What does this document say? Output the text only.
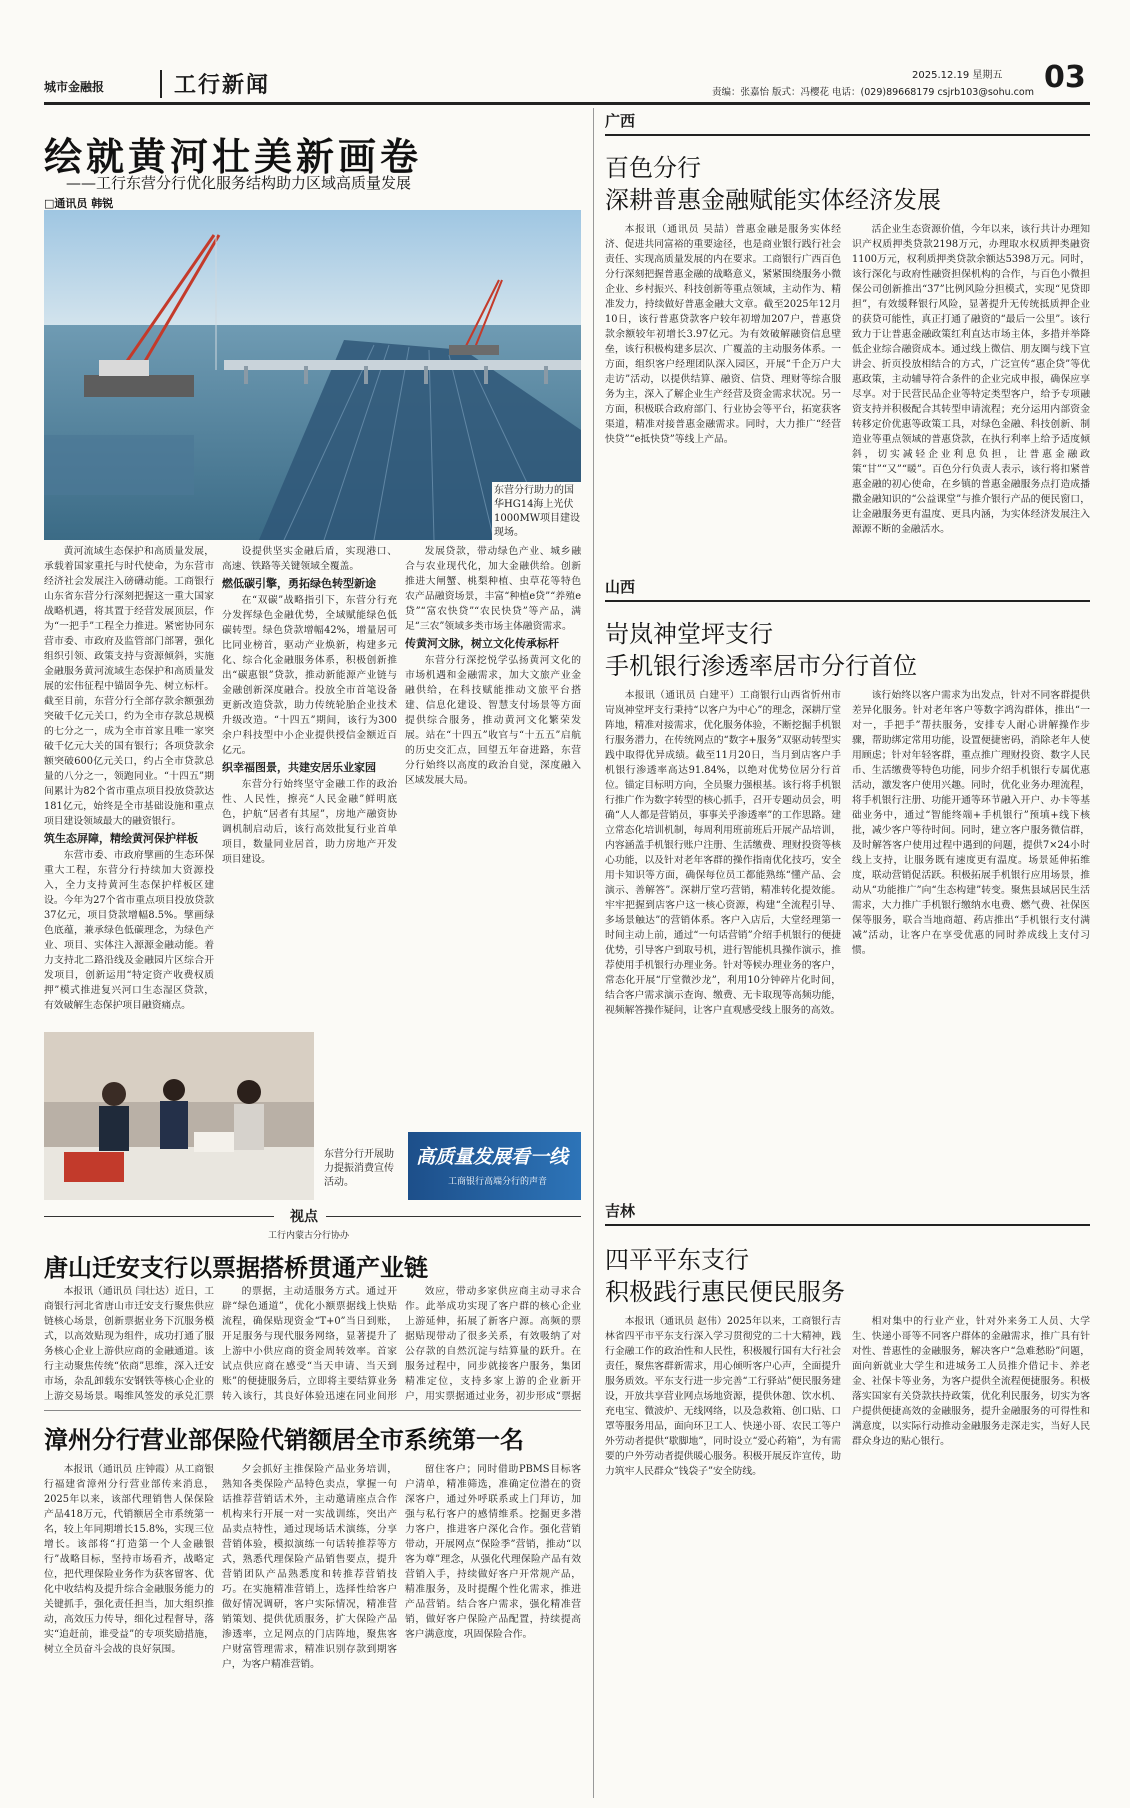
城市金融报	工行新闻	2025.12.19 星期五 03
责编：张嘉怡 版式：冯樱花 电话：(029)89668179 csjrb103@sohu.com
绘就黄河壮美新画卷
——工行东营分行优化服务结构助力区域高质量发展
□通讯员 韩锐
东营分行助力的国华HG14海上光伏1000MW项目建设现场。

黄河流域生态保护和高质量发展，承载着国家重托与时代使命，为东营市经济社会发展注入磅礴动能。工商银行山东省东营分行深刻把握这一重大国家战略机遇，将其置于经营发展顶层，作为“一把手”工程全力推进。紧密协同东营市委、市政府及监管部门部署，强化组织引领、政策支持与资源倾斜，实施金融服务黄河流域生态保护和高质量发展的宏伟征程中锚固争先、树立标杆。截至目前，东营分行全部存款余额强劲突破千亿元关口，约为全市存款总规模的七分之一，成为全市首家且唯一家突破千亿元大关的国有银行；各项贷款余额突破600亿元关口，约占全市贷款总量的八分之一，领跑同业。“十四五”期间累计为82个省市重点项目投放贷款达181亿元，始终是全市基础设施和重点项目建设领域最大的融资银行。

筑生态屏障，精绘黄河保护样板

东营市委、市政府擘画的生态环保重大工程，东营分行持续加大资源投入，全力支持黄河生态保护样板区建设。今年为27个省市重点项目投放贷款37亿元，项目贷款增幅8.5%。擘画绿色底蕴，兼承绿色低碳理念，为绿色产业、项目、实体注入源源金融动能。着力支持北二路沿线及金融园片区综合开发项目，创新运用“特定资产收费权质押”模式推进复兴河口生态湿区贷款，有效破解生态保护项目融资痛点。

设提供坚实金融后盾，实现港口、高速、铁路等关键领域全覆盖。

燃低碳引擎，勇拓绿色转型新途

在“双碳”战略指引下，东营分行充分发挥绿色金融优势，全域赋能绿色低碳转型。绿色贷款增幅42%，增量居可比同业榜首，驱动产业焕新，构建多元化、综合化金融服务体系，积极创新推出“碳惠银”贷款，推动新能源产业链与金融创新深度融合。投放全市首笔设备更新改造贷款，助力传统轮胎企业技术升级改造。“十四五”期间，该行为300余户科技型中小企业提供授信金额近百亿元。

织幸福图景，共建安居乐业家园

东营分行始终坚守金融工作的政治性、人民性，擦亮“人民金融”鲜明底色，护航“居者有其屋”，房地产融资协调机制启动后，该行高效批复行业首单项目，数量同业居首，助力房地产开发项目建设。

发展贷款，带动绿色产业、城乡融合与农业现代化，加大金融供给。创新推进大闸蟹、桃梨种植、虫草花等特色农产品融资场景，丰富“种植e贷”“养殖e贷”“富农快贷”“农民快贷”等产品，满足“三农”领域多类市场主体融资需求。

传黄河文脉，树立文化传承标杆

东营分行深挖悦学弘扬黄河文化的市场机遇和金融需求，加大文旅产业金融供给，在科技赋能推动文旅平台搭建、信息化建设、智慧支付场景等方面提供综合服务，推动黄河文化繁荣发展。站在“十四五”收官与“十五五”启航的历史交汇点，回望五年奋进路，东营分行始终以高度的政治自觉，深度融入区域发展大局。

东营分行开展助力提振消费宣传活动。
高质量发展看一线
工商银行高端分行的声音
视点
工行内蒙古分行协办
唐山迁安支行以票据搭桥贯通产业链

本报讯（通讯员 闫壮达）近日，工商银行河北省唐山市迁安支行聚焦供应链核心场景，创新票据业务下沉服务模式，以高效贴现为组件，成功打通了服务核心企业上游供应商的金融通道。该行主动聚焦传统“依商”思维，深入迁安市场，杂乱卸载东安钢铁等核心企业的上游交易场景。喝维风签发的承兑汇票

的票据，主动适服务方式。通过开辟“绿色通道”，优化小额票据线上快贴流程，确保贴现资金“T+0”当日到账，开足服务与现代服务网络，显著提升了上游中小供应商的资金周转效率。首家试点供应商在感受“当天申请、当天到账”的便捷服务后，立即将主要结算业务转入该行，其良好体验迅速在同业间形

效应，带动多家供应商主动寻求合作。此举成功实现了客户群的核心企业上游延伸，拓展了新客户源。高频的票据贴现带动了很多关系，有效吸纳了对公存款的自然沉淀与结算量的跃升。在服务过程中，同步就接客户服务，集团精准定位，支持多家上游的企业新开户，用实票据通过业务，初步形成“票据

漳州分行营业部保险代销额居全市系统第一名

本报讯（通讯员 庄钟霞）从工商银行福建省漳州分行营业部传来消息，2025年以来，该部代理销售人保保险产品418万元，代销额居全市系统第一名，较上年同期增长15.8%，实现三位增长。该部将“打造第一个人金融银行”战略目标，坚持市场看齐，战略定位，把代理保险业务作为获客留客、优化中收结构及提升综合金融服务能力的关键抓手，强化责任担当，加大组织推动，高效压力传导，细化过程督导，落实“追赶前，谁受益”的专项奖励措施，树立全员奋斗会战的良好氛围。

夕会抓好主推保险产品业务培训，熟知各类保险产品特色卖点，掌握一句话推荐营销话术外，主动邀请座点合作机构来行开展一对一实战训练，突出产品卖点特性，通过现场话术演练，分享营销体验，模拟演练一句话转推荐等方式，熟悉代理保险产品销售要点，提升营销团队产品熟悉度和转推荐营销技巧。在实施精准营销上，选择性给客户做好情况调研，客户实际情况，精准营销策划、提供优质服务，扩大保险产品渗透率，立足网点的门店阵地，聚焦客户财富管理需求，精准识别存款到期客户，为客户精准营销。

留住客户；同时借助PBMS目标客户清单，精准筛选，准确定位潜在的资深客户，通过外呼联系或上门拜访，加强与私行客户的感情维系。挖掘更多潜力客户，推进客户深化合作。强化营销带动，开展网点“保险季”营销，推动“以客为尊”理念，从强化代理保险产品有效营销入手，持续做好客户开常规产品，精准服务，及时提醒个性化需求，推进产品营销。结合客户需求，强化精准营销，做好客户保险产品配置，持续提高客户满意度，巩固保险合作。

广西
百色分行
深耕普惠金融赋能实体经济发展

本报讯（通讯员 吴喆）普惠金融是服务实体经济、促进共同富裕的重要途径，也是商业银行践行社会责任、实现高质量发展的内在要求。工商银行广西百色分行深刻把握普惠金融的战略意义，紧紧围绕服务小微企业、乡村振兴、科技创新等重点领域，主动作为、精准发力，持续做好普惠金融大文章。截至2025年12月10日，该行普惠贷款客户较年初增加207户，普惠贷款余额较年初增长3.97亿元。为有效破解融资信息壁垒，该行积极构建多层次、广覆盖的主动服务体系。一方面，组织客户经理团队深入园区，开展“千企万户大走访”活动，以提供结算、融资、信贷、理财等综合服务为主，深入了解企业生产经营及资金需求状况。另一方面，积极联合政府部门、行业协会等平台，拓宽获客渠道，精准对接普惠金融需求。同时，大力推广“经营快贷”“e抵快贷”等线上产品。

活企业生态资源价值，今年以来，该行共计办理知识产权质押类贷款2198万元，办理取水权质押类融资1100万元，权利质押类贷款余额达5398万元。同时，该行深化与政府性融资担保机构的合作，与百色小微担保公司创新推出“37”比例风险分担模式，实现“见贷即担”，有效缓释银行风险，显著提升无传统抵质押企业的获贷可能性，真正打通了融资的“最后一公里”。该行致力于让普惠金融政策红利直达市场主体，多措并举降低企业综合融资成本。通过线上微信、朋友圈与线下宣讲会、折页投放相结合的方式，广泛宣传“惠企贷”等优惠政策，主动辅导符合条件的企业完成申报，确保应享尽享。对于民营民品企业等特定类型客户，给予专项融资支持并积极配合其转型申请流程；充分运用内部资金转移定价优惠等政策工具，对绿色金融、科技创新、制造业等重点领域的普惠贷款，在执行利率上给予适度倾斜，切实减轻企业利息负担，让普惠金融政策“甘”“又”“暖”。百色分行负责人表示，该行将扣紧普惠金融的初心使命，在乡镇的普惠金融服务点打造成播撒金融知识的“公益课堂”与推介银行产品的便民窗口，让金融服务更有温度、更具内涵，为实体经济发展注入源源不断的金融活水。

山西
岢岚神堂坪支行
手机银行渗透率居市分行首位

本报讯（通讯员 白建平）工商银行山西省忻州市岢岚神堂坪支行秉持“以客户为中心”的理念，深耕厅堂阵地，精准对接需求，优化服务体验，不断挖掘手机银行服务潜力，在传统网点的“数字+服务”双驱动转型实践中取得优异成绩。截至11月20日，当月到店客户手机银行渗透率高达91.84%，以绝对优势位居分行首位。锚定目标明方向，全员聚力强根基。该行将手机银行推广作为数字转型的核心抓手，召开专题动员会，明确“人人都是营销员，事事关乎渗透率”的工作思路。建立常态化培训机制，每周利用班前班后开展产品培训，内容涵盖手机银行账户注册、生活缴费、理财投资等核心功能，以及针对老年客群的操作指南优化技巧，安全用卡知识等方面，确保每位员工都能熟练“懂产品、会演示、善解答”。深耕厅堂巧营销，精准转化提效能。牢牢把握到店客户这一核心资源，构建“全流程引导、多场景触达”的营销体系。客户入店后，大堂经理第一时间主动上前，通过“一句话营销”介绍手机银行的便捷优势，引导客户到取号机，进行智能机具操作演示，推荐使用手机银行办理业务。针对等候办理业务的客户，常态化开展“厅堂微沙龙”，利用10分钟碎片化时间，结合客户需求演示查询、缴费、无卡取现等高频功能，视频解答操作疑问，让客户直观感受线上服务的高效。

该行始终以客户需求为出发点，针对不同客群提供差异化服务。针对老年客户等数字鸿沟群体，推出“一对一，手把手”帮扶服务，安排专人耐心讲解操作步骤，帮助绑定常用功能，设置便捷密码，消除老年人使用顾虑；针对年轻客群，重点推广理财投资、数字人民币、生活缴费等特色功能，同步介绍手机银行专属优惠活动，激发客户使用兴趣。同时，优化业务办理流程，将手机银行注册、功能开通等环节融入开户、办卡等基础业务中，通过“智能终端+手机银行”预填+线下核批，减少客户等待时间。同时，建立客户服务微信群，及时解答客户使用过程中遇到的问题，提供7×24小时线上支持，让服务既有速度更有温度。场景延伸拓维度，联动营销促活跃。积极拓展手机银行应用场景，推动从“功能推广”向“生态构建”转变。聚焦县域居民生活需求，大力推广手机银行缴纳水电费、燃气费、社保医保等服务，联合当地商超、药店推出“手机银行支付满减”活动，让客户在享受优惠的同时养成线上支付习惯。

吉林
四平平东支行
积极践行惠民便民服务

本报讯（通讯员 赵伟）2025年以来，工商银行吉林省四平市平东支行深入学习贯彻党的二十大精神，践行金融工作的政治性和人民性，积极履行国有大行社会责任，聚焦客群新需求，用心倾听客户心声，全面提升服务质效。平东支行进一步完善“工行驿站”便民服务建设，开放共享营业网点场地资源，提供休憩、饮水机、充电宝、微波炉、无线网络，以及急救箱、创口贴、口罩等服务用品，面向环卫工人、快递小哥、农民工等户外劳动者提供“歇脚地”，同时设立“爱心药箱”，为有需要的户外劳动者提供暖心服务。积极开展反诈宣传，助力筑牢人民群众“钱袋子”安全防线。

相对集中的行业产业，针对外来务工人员、大学生、快递小哥等不同客户群体的金融需求，推广具有针对性、普惠性的金融服务，解决客户“急难愁盼”问题，面向新就业大学生和进城务工人员推介借记卡、养老金、社保卡等业务，为客户提供全流程便捷服务。积极落实国家有关贷款扶持政策，优化利民服务，切实为客户提供便捷高效的金融服务，提升金融服务的可得性和满意度，以实际行动推动金融服务走深走实，当好人民群众身边的贴心银行。
